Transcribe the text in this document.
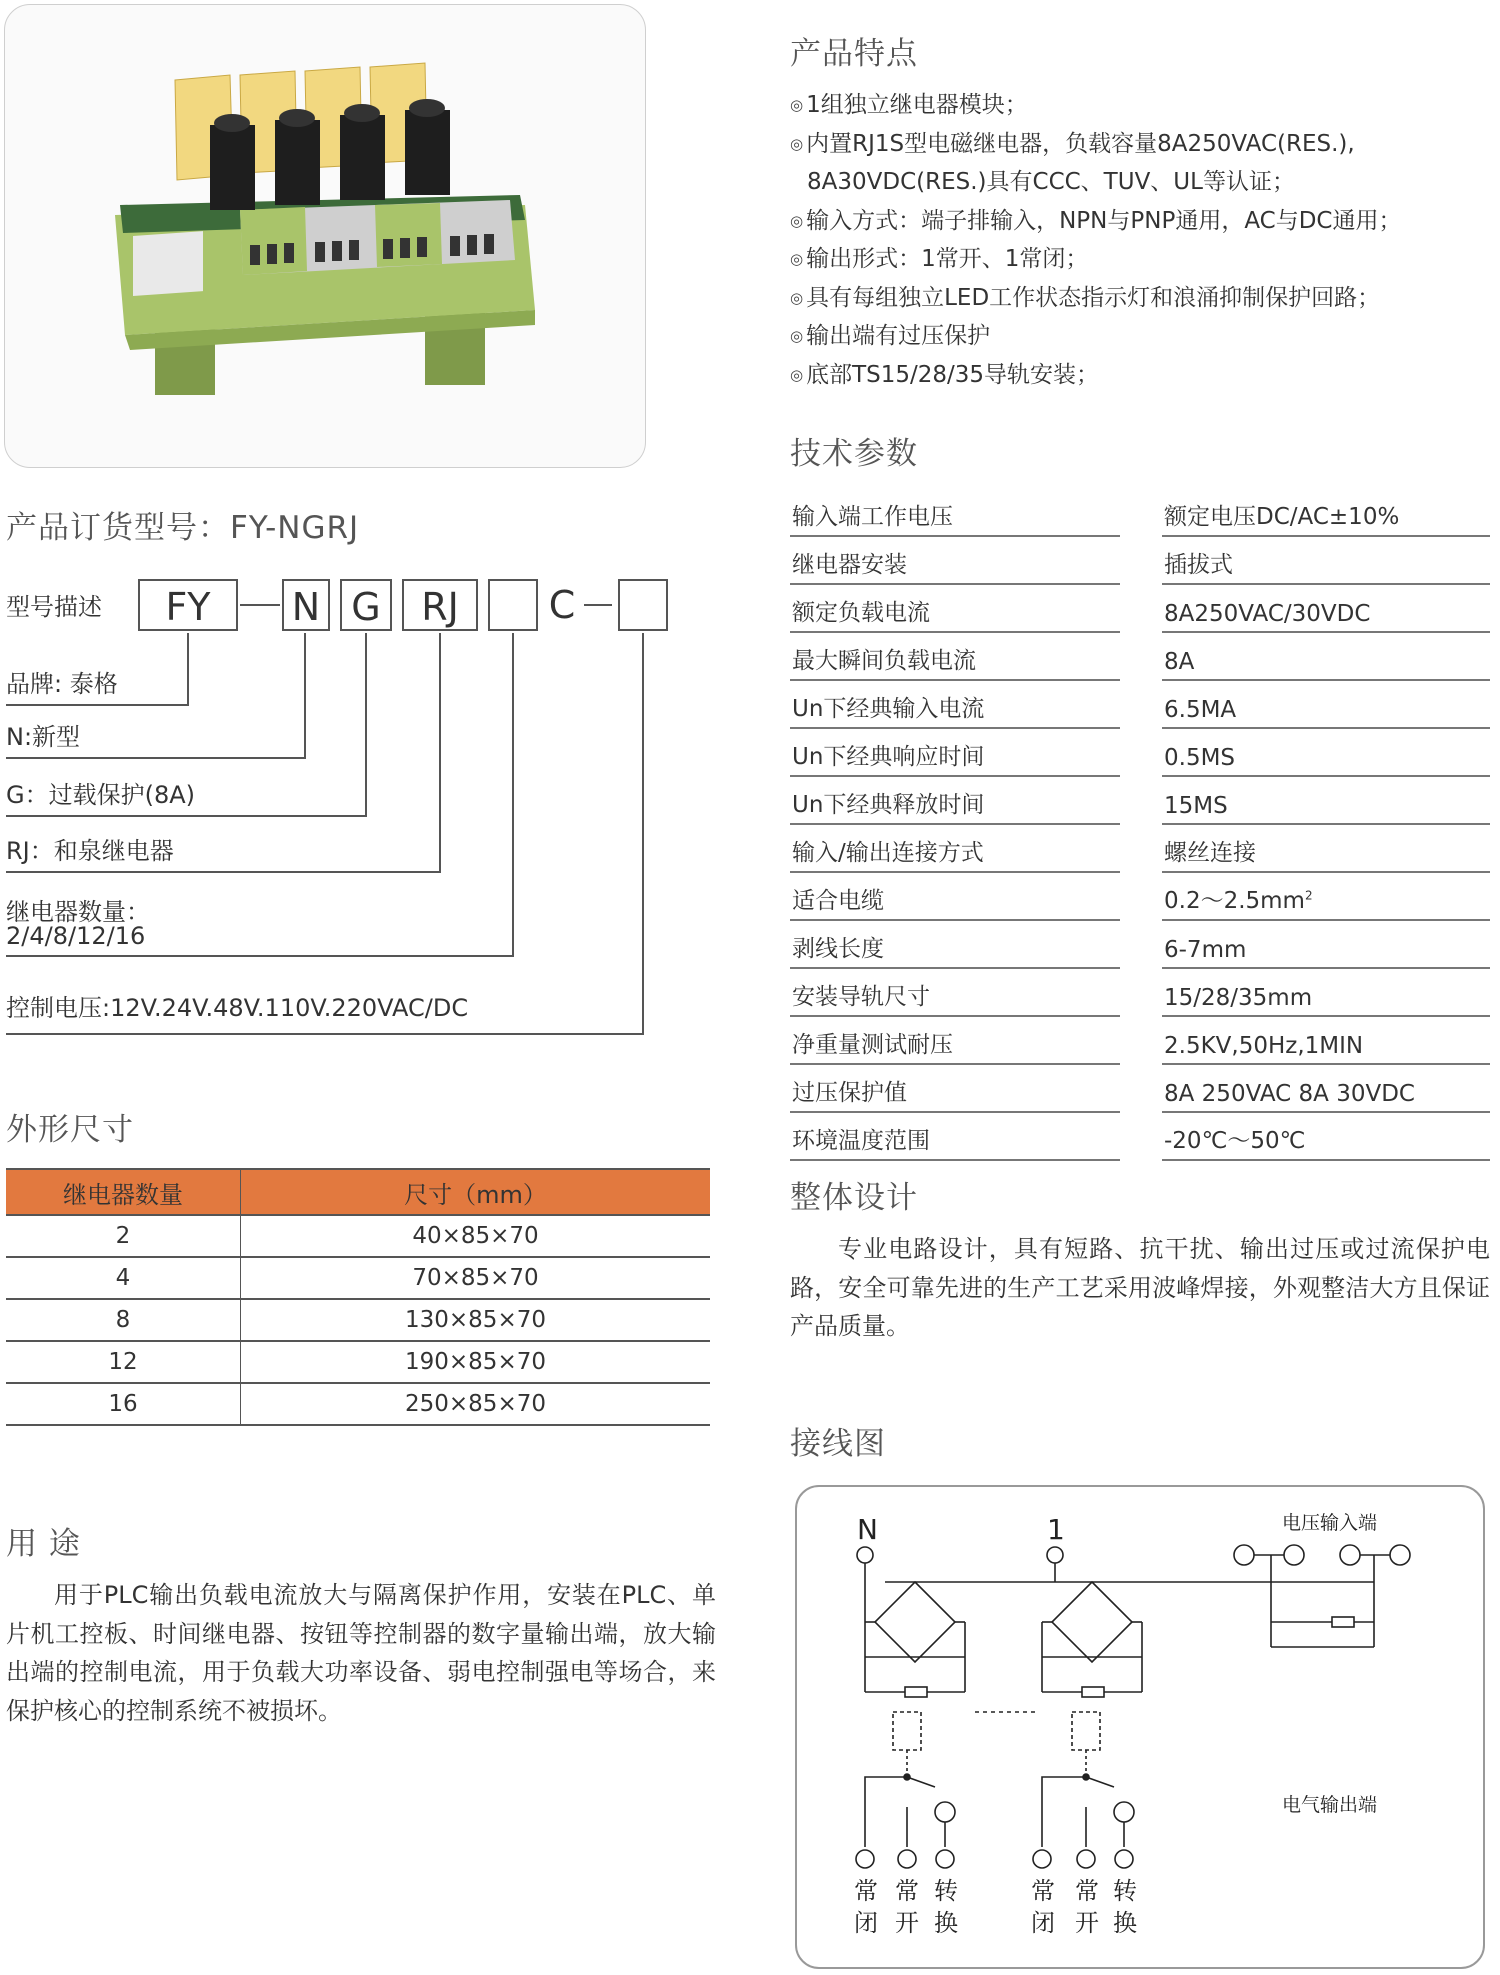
产品特点
◎ 1组独立继电器模块；
◎ 内置RJ1S型电磁继电器，负载容量8A250VAC(RES.),
8A30VDC(RES.)具有CCC、TUV、UL等认证；
◎ 输入方式：端子排输入，NPN与PNP通用，AC与DC通用；
◎ 输出形式：1常开、1常闭；
◎ 具有每组独立LED工作状态指示灯和浪涌抑制保护回路；
◎ 输出端有过压保护
◎ 底部TS15/28/35导轨安装；
技术参数
输入端工作电压		额定电压DC/AC±10%
继电器安装		插拔式
额定负载电流		8A250VAC/30VDC
最大瞬间负载电流		8A
Un下经典输入电流		6.5MA
Un下经典响应时间		0.5MS
Un下经典释放时间		15MS
输入/输出连接方式		螺丝连接
适合电缆		$0.2\sim 2.5mm^2$
剥线长度		6-7mm
安装导轨尺寸		15/28/35mm
净重量测试耐压		2.5KV,50Hz,1MIN
过压保护值		8A 250VAC 8A 30VDC
环境温度范围		-20℃～50℃
产品订货型号：FY-NGRJ
型号描述	FY	N G	RJ	C
品牌: 泰格
N:新型
G：过载保护(8A)
RJ：和泉继电器
继电器数量：
2/4/8/12/16
控制电压:12V.24V.48V.110V.220VAC/DC
外形尺寸
继电器数量	尺寸（mm）
2	40×85×70
4	70×85×70
8	130×85×70
12	190×85×70
16	250×85×70
用 途
用于PLC输出负载电流放大与隔离保护作用，安装在PLC、单片机工控板、时间继电器、按钮等控制器的数字量输出端，放大输出端的控制电流，用于负载大功率设备、弱电控制强电等场合，来保护核心的控制系统不被损坏。
整体设计
专业电路设计，具有短路、抗干扰、输出过压或过流保护电路，安全可靠先进的生产工艺采用波峰焊接，外观整洁大方且保证产品质量。
接线图
N	1	电压输入端
电气输出端
常
闭
常
开
转
换
常
闭
常
开
转
换
